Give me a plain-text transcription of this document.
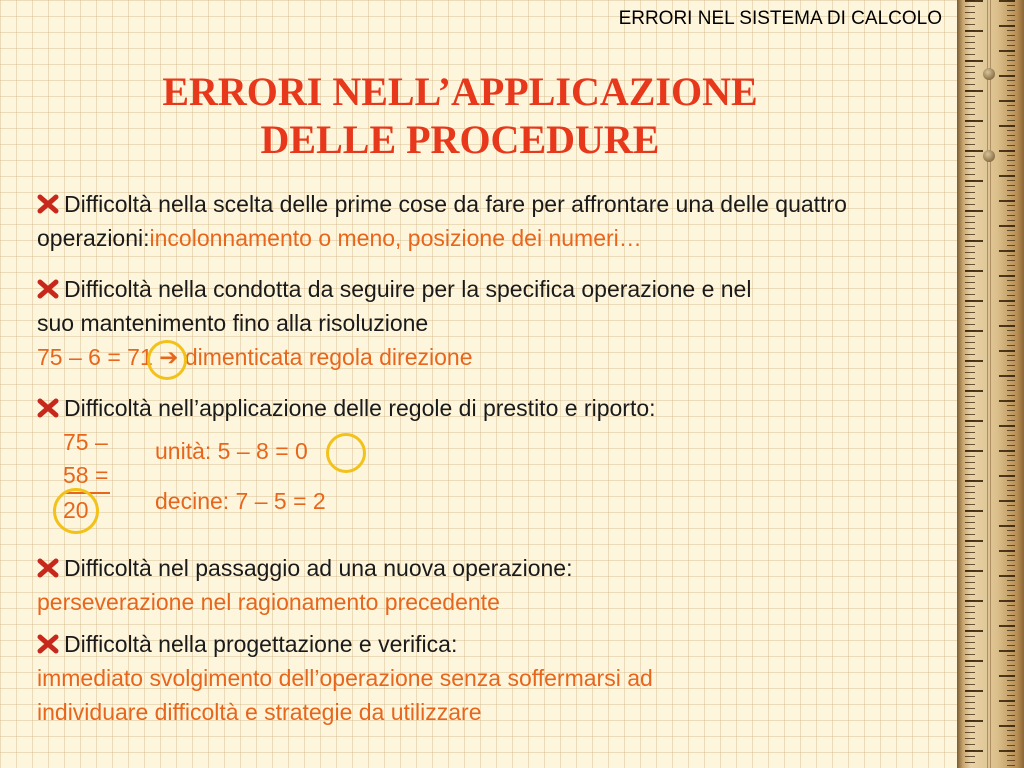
ERRORI NEL SISTEMA DI CALCOLO
ERRORI NELL’APPLICAZIONE
DELLE PROCEDURE
Difficoltà nella scelta delle prime cose da fare per affrontare una delle quattro operazioni:incolonnamento o meno, posizione dei numeri…
Difficoltà nella condotta da seguire per la specifica operazione e nel
suo mantenimento fino alla risoluzione
75 – 6 = 71 ➔ dimenticata regola direzione
Difficoltà nell’applicazione delle regole di prestito e riporto:
75 –
58 =
20
unità: 5 – 8 = 0
decine: 7 – 5 = 2
Difficoltà nel passaggio ad una nuova operazione:
perseverazione nel ragionamento precedente
Difficoltà nella progettazione e verifica:
immediato svolgimento dell’operazione senza soffermarsi ad
individuare difficoltà e strategie da utilizzare
